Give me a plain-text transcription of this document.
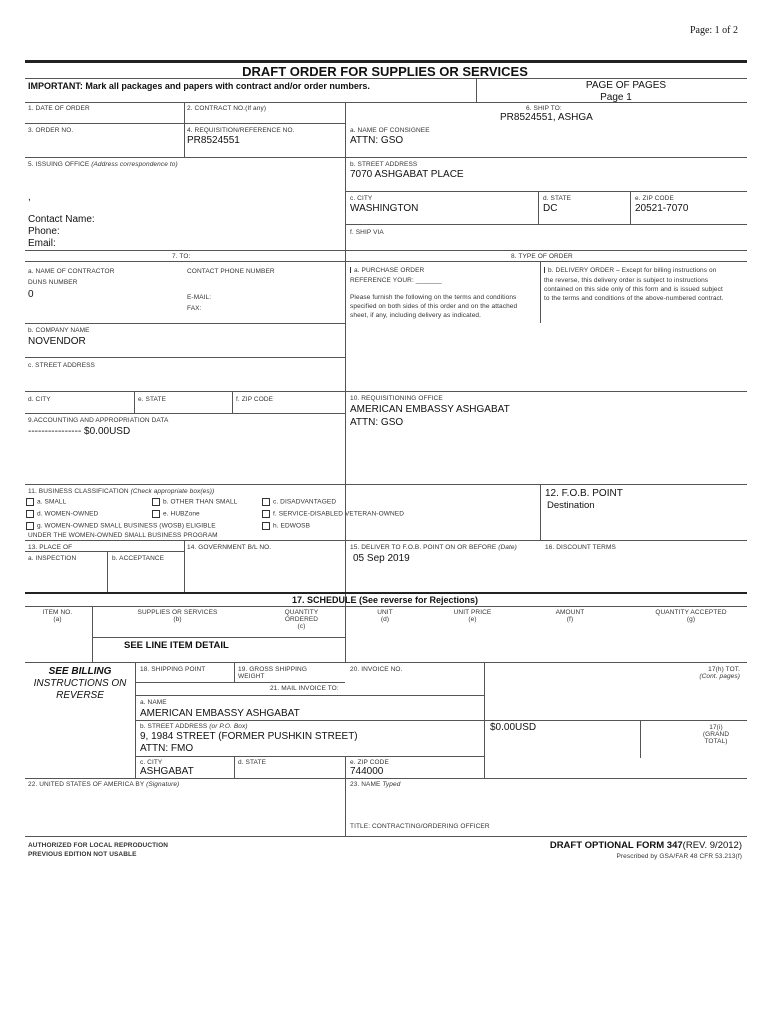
Page: 1 of 2
DRAFT ORDER FOR SUPPLIES OR SERVICES
IMPORTANT: Mark all packages and papers with contract and/or order numbers.	PAGE OF PAGES
Page 1
1. DATE OF ORDER	2. CONTRACT NO.(If any)	6. SHIP TO:
PR8524551, ASHGA
3. ORDER NO.	4. REQUISITION/REFERENCE NO.
PR8524551
a. NAME OF CONSIGNEE
ATTN: GSO
5. ISSUING OFFICE (Address correspondence to)	b. STREET ADDRESS
7070 ASHGABAT PLACE
,
Contact Name:
Phone:
Email:
c. CITY
WASHINGTON
d. STATE
DC
e. ZIP CODE
20521-7070
f. SHIP VIA
7. TO:	8. TYPE OF ORDER
a. NAME OF CONTRACTOR	CONTACT PHONE NUMBER
DUNS NUMBER
0	E-MAIL:
FAX:
a. PURCHASE ORDER
REFERENCE YOUR: _______
Please furnish the following on the terms and conditions
specified on both sides of this order and on the attached
sheet, if any, including delivery as indicated.
b. DELIVERY ORDER – Except for billing instructions on
the reverse, this delivery order is subject to instructions
contained on this side only of this form and is issued subject
to the terms and conditions of the above-numbered contract.
b. COMPANY NAME
NOVENDOR
c. STREET ADDRESS
d. CITY	e. STATE	f. ZIP CODE	10. REQUISITIONING OFFICE
AMERICAN EMBASSY ASHGABAT
ATTN: GSO
9.ACCOUNTING AND APPROPRIATION DATA
---------------- $0.00USD
11. BUSINESS CLASSIFICATION (Check appropriate box(es))
a. SMALL	b. OTHER THAN SMALL	c. DISADVANTAGED
d. WOMEN-OWNED	e. HUBZone	f. SERVICE-DISABLED VETERAN-OWNED
g. WOMEN-OWNED SMALL BUSINESS (WOSB) ELIGIBLE	h. EDWOSB
UNDER THE WOMEN-OWNED SMALL BUSINESS PROGRAM
12. F.O.B. POINT
Destination
13. PLACE OF	14. GOVERNMENT B/L NO.	15. DELIVER TO F.O.B. POINT ON OR BEFORE (Date)
05 Sep 2019
16. DISCOUNT TERMS
a. INSPECTION	b. ACCEPTANCE
17. SCHEDULE (See reverse for Rejections)
ITEM NO.
(a)
SUPPLIES OR SERVICES
(b)
QUANTITY
ORDERED
(c)
UNIT
(d)
UNIT PRICE
(e)
AMOUNT
(f)
QUANTITY ACCEPTED
(g)
SEE LINE ITEM DETAIL
SEE BILLING
INSTRUCTIONS ON
REVERSE
18. SHIPPING POINT	19. GROSS SHIPPING
WEIGHT
20. INVOICE NO.	17(h) TOT.
(Cont. pages)
21. MAIL INVOICE TO:
a. NAME
AMERICAN EMBASSY ASHGABAT
b. STREET ADDRESS (or P.O. Box)
9, 1984 STREET (FORMER PUSHKIN STREET)
ATTN: FMO
$0.00USD	17(i)
(GRAND
TOTAL)
c. CITY
ASHGABAT
d. STATE	e. ZIP CODE
744000
22. UNITED STATES OF AMERICA BY (Signature)	23. NAME Typed
TITLE: CONTRACTING/ORDERING OFFICER
AUTHORIZED FOR LOCAL REPRODUCTION
PREVIOUS EDITION NOT USABLE
DRAFT OPTIONAL FORM 347(REV. 9/2012)
Prescribed by GSA/FAR 48 CFR 53.213(f)
